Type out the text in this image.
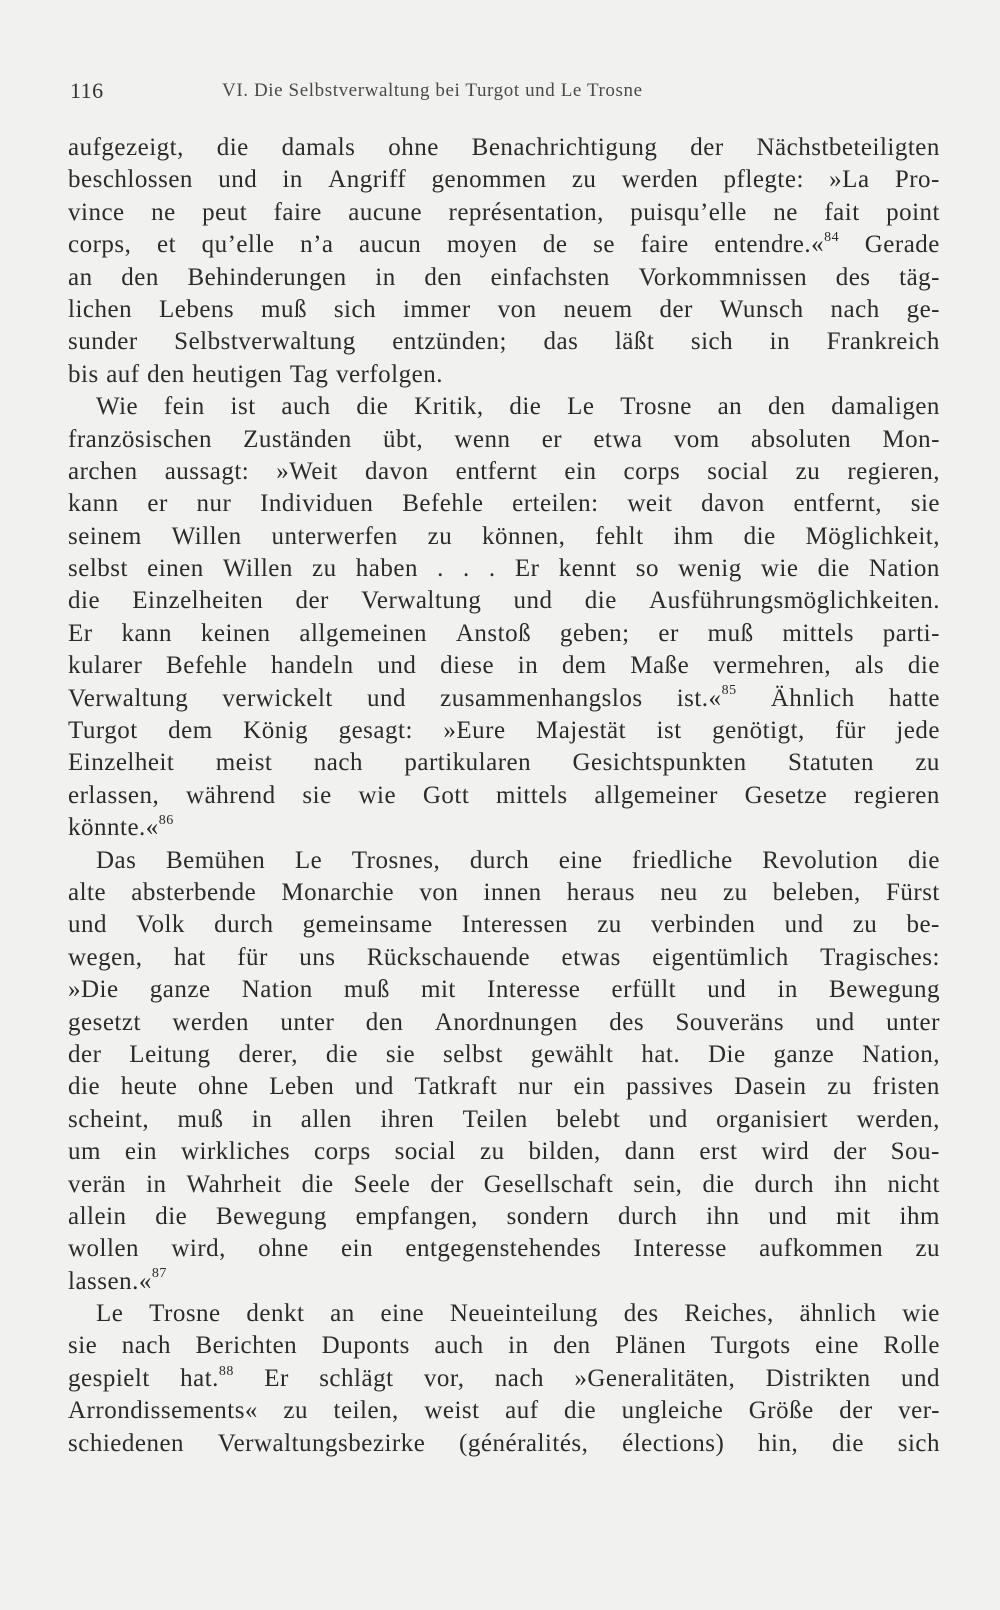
116	VI. Die Selbstverwaltung bei Turgot und Le Trosne
aufgezeigt, die damals ohne Benachrichtigung der Nächstbeteiligten
beschlossen und in Angriff genommen zu werden pflegte: »La Pro-
vince ne peut faire aucune représentation, puisqu’elle ne fait point
corps, et qu’elle n’a aucun moyen de se faire entendre.«$^{84}$ Gerade
an den Behinderungen in den einfachsten Vorkommnissen des täg-
lichen Lebens muß sich immer von neuem der Wunsch nach ge-
sunder Selbstverwaltung entzünden; das läßt sich in Frankreich
bis auf den heutigen Tag verfolgen.
Wie fein ist auch die Kritik, die Le Trosne an den damaligen
französischen Zuständen übt, wenn er etwa vom absoluten Mon-
archen aussagt: »Weit davon entfernt ein corps social zu regieren,
kann er nur Individuen Befehle erteilen: weit davon entfernt, sie
seinem Willen unterwerfen zu können, fehlt ihm die Möglichkeit,
selbst einen Willen zu haben . . . Er kennt so wenig wie die Nation
die Einzelheiten der Verwaltung und die Ausführungsmöglichkeiten.
Er kann keinen allgemeinen Anstoß geben; er muß mittels parti-
kularer Befehle handeln und diese in dem Maße vermehren, als die
Verwaltung verwickelt und zusammenhangslos ist.«$^{85}$ Ähnlich hatte
Turgot dem König gesagt: »Eure Majestät ist genötigt, für jede
Einzelheit meist nach partikularen Gesichtspunkten Statuten zu
erlassen, während sie wie Gott mittels allgemeiner Gesetze regieren
könnte.«$^{86}$
Das Bemühen Le Trosnes, durch eine friedliche Revolution die
alte absterbende Monarchie von innen heraus neu zu beleben, Fürst
und Volk durch gemeinsame Interessen zu verbinden und zu be-
wegen, hat für uns Rückschauende etwas eigentümlich Tragisches:
»Die ganze Nation muß mit Interesse erfüllt und in Bewegung
gesetzt werden unter den Anordnungen des Souveräns und unter
der Leitung derer, die sie selbst gewählt hat. Die ganze Nation,
die heute ohne Leben und Tatkraft nur ein passives Dasein zu fristen
scheint, muß in allen ihren Teilen belebt und organisiert werden,
um ein wirkliches corps social zu bilden, dann erst wird der Sou-
verän in Wahrheit die Seele der Gesellschaft sein, die durch ihn nicht
allein die Bewegung empfangen, sondern durch ihn und mit ihm
wollen wird, ohne ein entgegenstehendes Interesse aufkommen zu
lassen.«$^{87}$
Le Trosne denkt an eine Neueinteilung des Reiches, ähnlich wie
sie nach Berichten Duponts auch in den Plänen Turgots eine Rolle
gespielt hat.$^{88}$ Er schlägt vor, nach »Generalitäten, Distrikten und
Arrondissements« zu teilen, weist auf die ungleiche Größe der ver-
schiedenen Verwaltungsbezirke (généralités, élections) hin, die sich
